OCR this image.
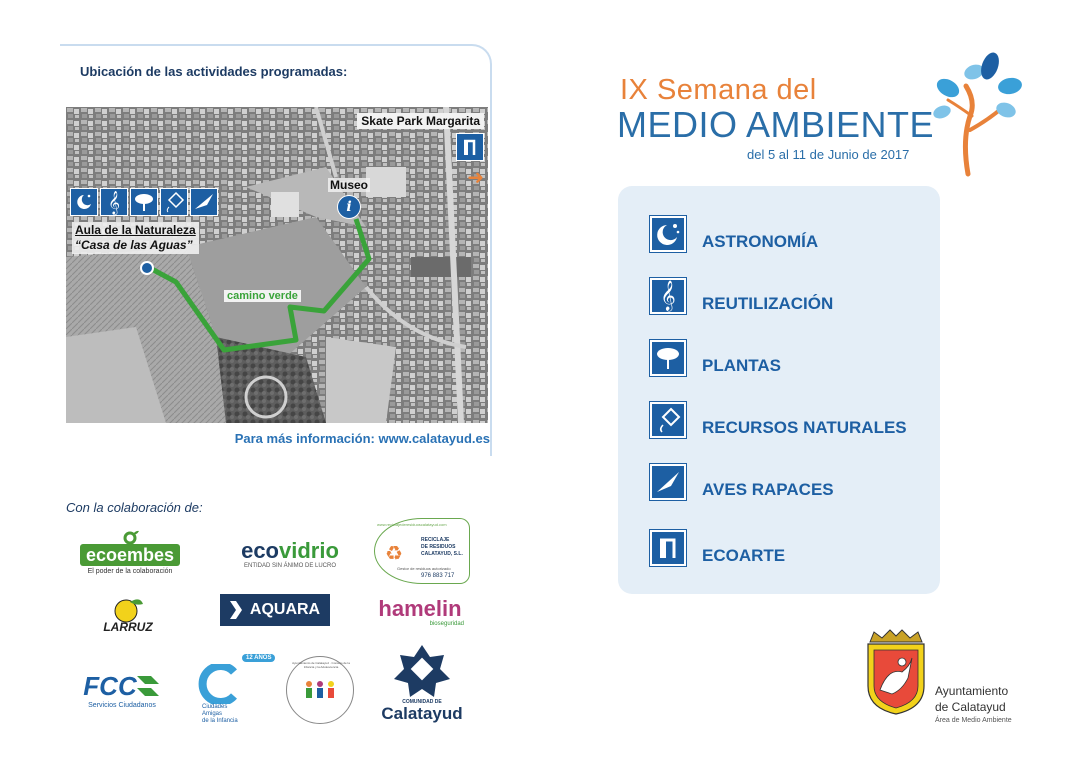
Ubicación de las actividades programadas:
𝄞
Skate Park Margarita
➜
Museo
i
Aula de la Naturaleza
“Casa de las Aguas”
camino verde
Para más información: www.calatayud.es
Con la colaboración de:
ecoembes
El poder de la colaboración
ecovidrio
ENTIDAD SIN ÁNIMO DE LUCRO
www.reciclajederesiduoscalatayud.com
♻
RECICLAJE
DE RESIDUOS
CALATAYUD, S.L.
Gestor de residuos autorizado
976 883 717
LARRUZ
AQUARA	hamelin
bioseguridad
FCC
Servicios Ciudadanos
12 AÑOS
Ciudades
Amigas
de la Infancia
Ayuntamiento de Calatayud · Consejo de la Infancia y la Adolescencia
COMUNIDAD DE
Calatayud
IX Semana del
MEDIO AMBIENTE
del 5 al 11 de Junio de 2017
ASTRONOMÍA
𝄞 REUTILIZACIÓN
PLANTAS
RECURSOS NATURALES
AVES RAPACES
ECOARTE
Ayuntamiento
de Calatayud
Área de Medio Ambiente
